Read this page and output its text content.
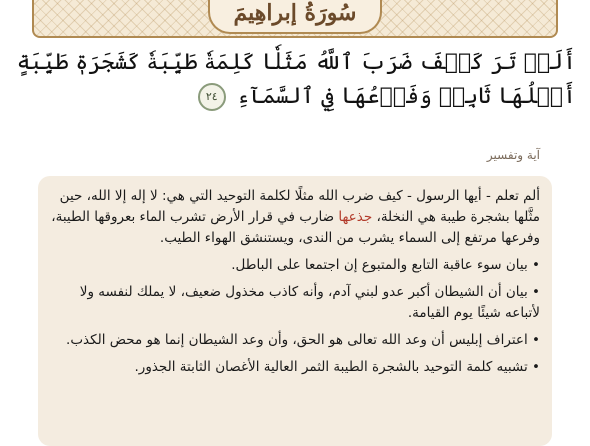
سُورَةُ إبراهِيمَ
أَلَمۡ تَرَ كَيۡفَ ضَرَبَ ٱللَّهُ مَثَلٗا كَلِمَةٗ طَيِّبَةٗ كَشَجَرَةٖ طَيِّبَةٍ أَصۡلُهَا ثَابِتٞ وَفَرۡعُهَا فِي ٱلسَّمَآءِ ٢٤
آية وتفسير

ألم تعلم - أيها الرسول - كيف ضرب الله مثلًا لكلمة التوحيد التي هي: لا إله إلا الله، حين مثَّلها بشجرة طيبة هي النخلة، جذعها ضارب في قرار الأرض تشرب الماء بعروقها الطيبة، وفرعها مرتفع إلى السماء يشرب من الندى، ويستنشق الهواء الطيب.

• بيان سوء عاقبة التابع والمتبوع إن اجتمعا على الباطل.
• بيان أن الشيطان أكبر عدو لبني آدم، وأنه كاذب مخذول ضعيف، لا يملك لنفسه ولا لأتباعه شيئًا يوم القيامة.
• اعتراف إبليس أن وعد الله تعالى هو الحق، وأن وعد الشيطان إنما هو محض الكذب.
• تشبيه كلمة التوحيد بالشجرة الطيبة الثمر العالية الأغصان الثابتة الجذور.
